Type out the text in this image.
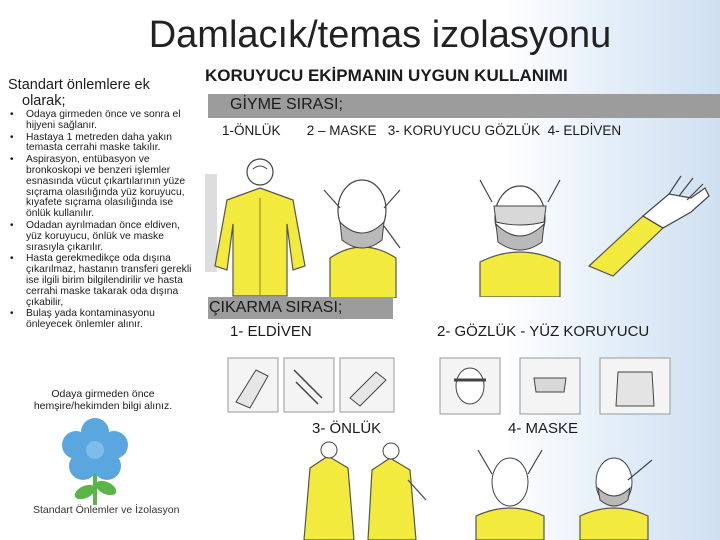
Damlacık/temas izolasyonu
Standart önlemlere ek
olarak;
• Odaya girmeden önce ve sonra el hijyeni sağlanır.
• Hastaya 1 metreden daha yakın temasta cerrahi maske takılır.
• Aspirasyon, entübasyon ve bronkoskopi ve benzeri işlemler esnasında vücut çıkartılarının yüze sıçrama olasılığında yüz koruyucu, kıyafete sıçrama olasılığında ise önlük kullanılır.
• Odadan ayrılmadan önce eldiven, yüz koruyucu, önlük ve maske sırasıyla çıkarılır.
• Hasta gerekmedikçe oda dışına çıkarılmaz, hastanın transferi gerekli ise ilgili birim bilgilendirilir ve hasta cerrahi maske takarak oda dışına çıkabilir,
• Bulaş yada kontaminasyonu önleyecek önlemler alınır.
Odaya girmeden önce hemşire/hekimden bilgi alınız.
Standart Önlemler ve İzolasyon
KORUYUCU EKİPMANIN UYGUN KULLANIMI
GİYME SIRASI;
1-ÖNLÜK       2 – MASKE   3- KORUYUCU GÖZLÜK  4- ELDİVEN
ÇIKARMA SIRASI;
1- ELDİVEN	2- GÖZLÜK - YÜZ KORUYUCU
3- ÖNLÜK	4- MASKE
